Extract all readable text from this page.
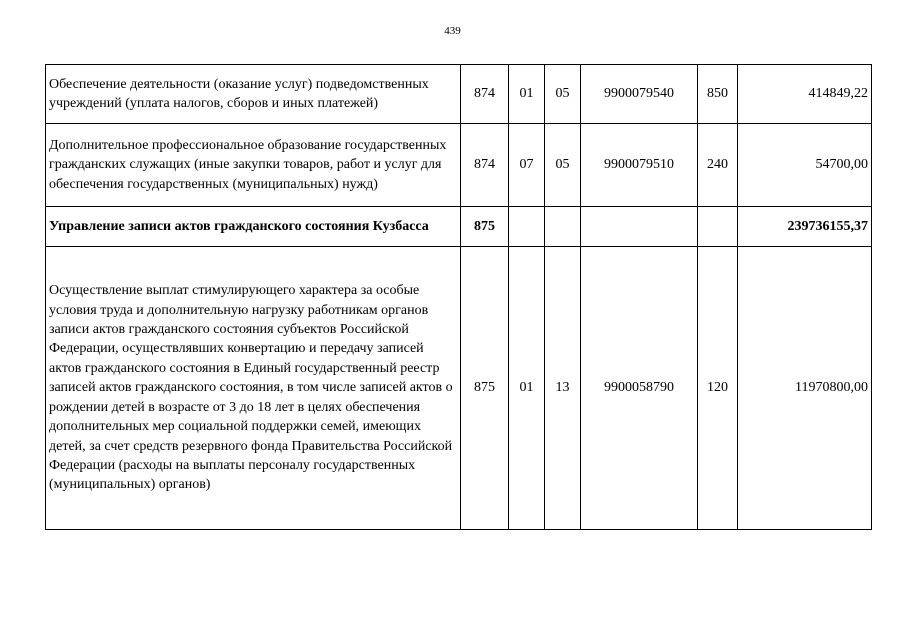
439
Обеспечение деятельности (оказание услуг) подведомственных учреждений (уплата налогов, сборов и иных платежей)	874	01	05	9900079540	850	414849,22
Дополнительное профессиональное образование государственных гражданских служащих (иные закупки товаров, работ и услуг для обеспечения государственных (муниципальных) нужд)	874	07	05	9900079510	240	54700,00
Управление записи актов гражданского состояния Кузбасса	875					239736155,37
Осуществление выплат стимулирующего характера за особые условия труда и дополнительную нагрузку работникам органов записи актов гражданского состояния субъектов Российской Федерации, осуществлявших конвертацию и передачу записей актов гражданского состояния в Единый государственный реестр записей актов гражданского состояния, в том числе записей актов о рождении детей в возрасте от 3 до 18 лет в целях обеспечения дополнительных мер социальной поддержки семей, имеющих детей, за счет средств резервного фонда Правительства Российской Федерации (расходы на выплаты персоналу государственных (муниципальных) органов)	875	01	13	9900058790	120	11970800,00
